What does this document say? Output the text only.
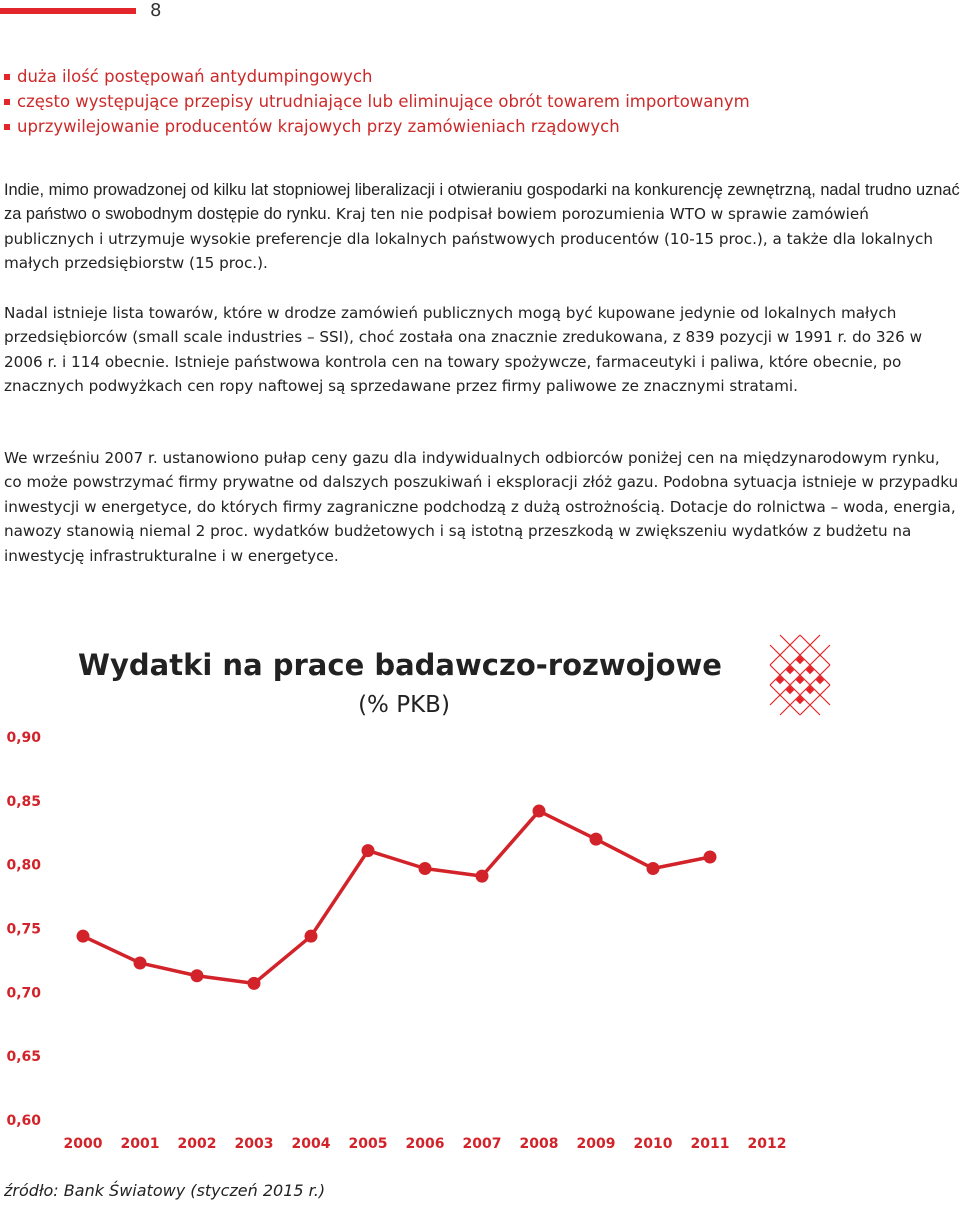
8
duża ilość postępowań antydumpingowych
często występujące przepisy utrudniające lub eliminujące obrót towarem importowanym
uprzywilejowanie producentów krajowych przy zamówieniach rządowych

Indie, mimo prowadzonej od kilku lat stopniowej liberalizacji i otwieraniu gospodarki na konkurencję zewnętrzną, nadal trudno uznać za państwo o swobodnym dostępie do rynku. Kraj ten nie podpisał bowiem porozumienia WTO w sprawie zamówień publicznych i utrzymuje wysokie preferencje dla lokalnych państwowych producentów (10-15 proc.), a także dla lokalnych małych przedsiębiorstw (15 proc.).

Nadal istnieje lista towarów, które w drodze zamówień publicznych mogą być kupowane jedynie od lokalnych małych przedsiębiorców (small scale industries – SSI), choć została ona znacznie zredukowana, z 839 pozycji w 1991 r. do 326 w 2006 r. i 114 obecnie. Istnieje państwowa kontrola cen na towary spożywcze, farmaceutyki i paliwa, które obecnie, po znacznych podwyżkach cen ropy naftowej są sprzedawane przez firmy paliwowe ze znacznymi stratami.

We wrześniu 2007 r. ustanowiono pułap ceny gazu dla indywidualnych odbiorców poniżej cen na międzynarodowym rynku, co może powstrzymać firmy prywatne od dalszych poszukiwań i eksploracji złóż gazu. Podobna sytuacja istnieje w przypadku inwestycji w energetyce, do których firmy zagraniczne podchodzą z dużą ostrożnością. Dotacje do rolnictwa – woda, energia, nawozy stanowią niemal 2 proc. wydatków budżetowych i są istotną przeszkodą w zwiększeniu wydatków z budżetu na inwestycję infrastrukturalne i w energetyce.

Wydatki na prace badawczo-rozwojowe
(% PKB)
0,90
0,85
0,80
0,75
0,70
0,65
0,60
2000 2001 2002 2003 2004 2005 2006 2007 2008 2009 2010 2011 2012
źródło: Bank Światowy (styczeń 2015 r.)
